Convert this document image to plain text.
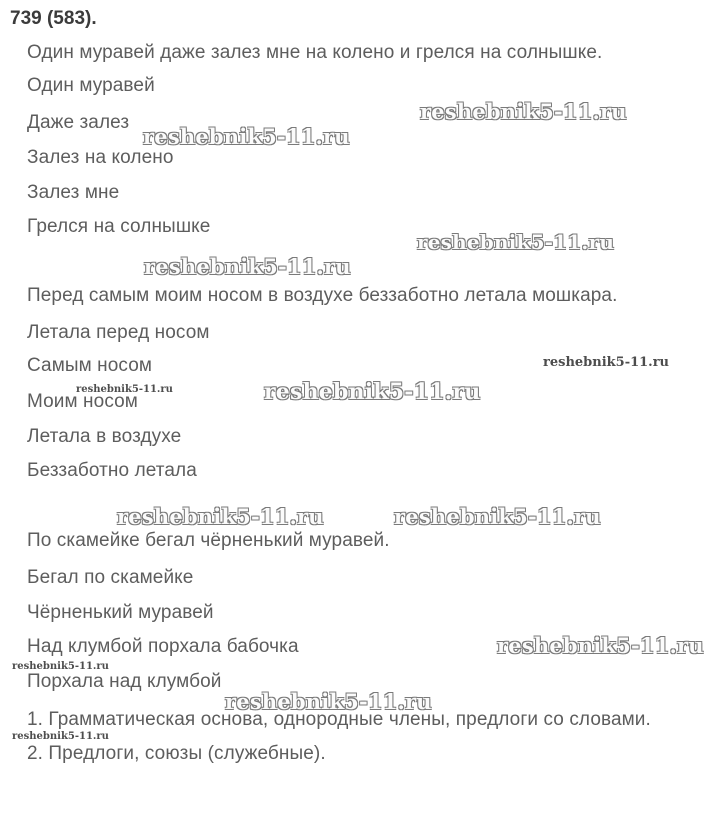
739 (583).
Один муравей даже залез мне на колено и грелся на солнышке.
Один муравей
Даже залез
Залез на колено
Залез мне
Грелся на солнышке
Перед самым моим носом в воздухе беззаботно летала мошкара.
Летала перед носом
Самым носом
Моим носом
Летала в воздухе
Беззаботно летала
По скамейке бегал чёрненький муравей.
Бегал по скамейке
Чёрненький муравей
Над клумбой порхала бабочка
Порхала над клумбой
1. Грамматическая основа, однородные члены, предлоги со словами.
2. Предлоги, союзы (служебные).
reshebnik5-11.ru
reshebnik5-11.ru
reshebnik5-11.ru
reshebnik5-11.ru
reshebnik5-11.ru
reshebnik5-11.ru	reshebnik5-11.ru
reshebnik5-11.ru	reshebnik5-11.ru
reshebnik5-11.ru
reshebnik5-11.ru
reshebnik5-11.ru
reshebnik5-11.ru
